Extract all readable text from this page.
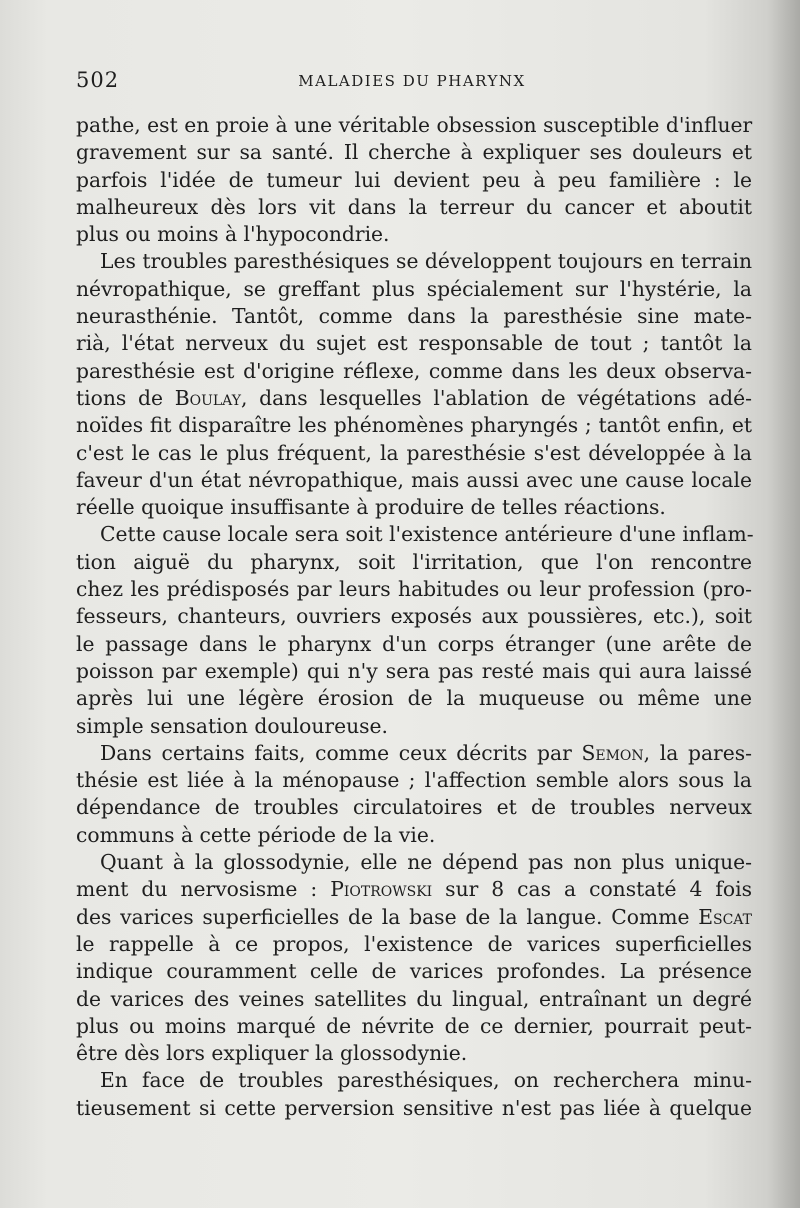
502	MALADIES DU PHARYNX
pathe, est en proie à une véritable obsession susceptible d'influer
gravement sur sa santé. Il cherche à expliquer ses douleurs et
parfois l'idée de tumeur lui devient peu à peu familière : le
malheureux dès lors vit dans la terreur du cancer et aboutit
plus ou moins à l'hypocondrie.
Les troubles paresthésiques se développent toujours en terrain
névropathique, se greffant plus spécialement sur l'hystérie, la
neurasthénie. Tantôt, comme dans la paresthésie sine mate-
rià, l'état nerveux du sujet est responsable de tout ; tantôt la
paresthésie est d'origine réflexe, comme dans les deux observa-
tions de Boulay, dans lesquelles l'ablation de végétations adé-
noïdes fit disparaître les phénomènes pharyngés ; tantôt enfin, et
c'est le cas le plus fréquent, la paresthésie s'est développée à la
faveur d'un état névropathique, mais aussi avec une cause locale
réelle quoique insuffisante à produire de telles réactions.
Cette cause locale sera soit l'existence antérieure d'une inflam-
tion aiguë du pharynx, soit l'irritation, que l'on rencontre
chez les prédisposés par leurs habitudes ou leur profession (pro-
fesseurs, chanteurs, ouvriers exposés aux poussières, etc.), soit
le passage dans le pharynx d'un corps étranger (une arête de
poisson par exemple) qui n'y sera pas resté mais qui aura laissé
après lui une légère érosion de la muqueuse ou même une
simple sensation douloureuse.
Dans certains faits, comme ceux décrits par Semon, la pares-
thésie est liée à la ménopause ; l'affection semble alors sous la
dépendance de troubles circulatoires et de troubles nerveux
communs à cette période de la vie.
Quant à la glossodynie, elle ne dépend pas non plus unique-
ment du nervosisme : Piotrowski sur 8 cas a constaté 4 fois
des varices superficielles de la base de la langue. Comme Escat
le rappelle à ce propos, l'existence de varices superficielles
indique couramment celle de varices profondes. La présence
de varices des veines satellites du lingual, entraînant un degré
plus ou moins marqué de névrite de ce dernier, pourrait peut-
être dès lors expliquer la glossodynie.
En face de troubles paresthésiques, on recherchera minu-
tieusement si cette perversion sensitive n'est pas liée à quelque
